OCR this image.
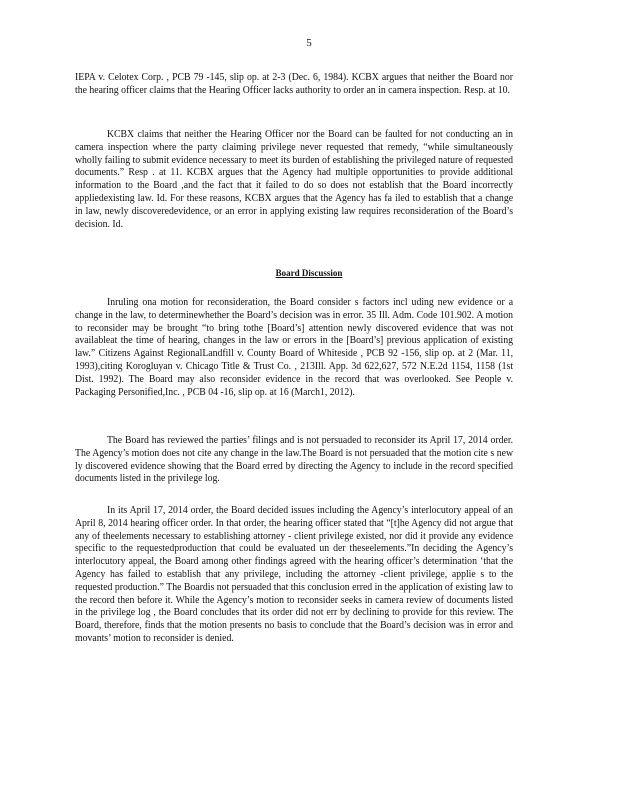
5
IEPA v. Celotex Corp. , PCB 79 -145, slip op. at 2-3 (Dec. 6, 1984). KCBX argues that neither the Board nor the hearing officer claims that the Hearing Officer lacks authority to order an in camera inspection. Resp. at 10.
KCBX claims that neither the Hearing Officer nor the Board can be faulted for not conducting an in camera inspection where the party claiming privilege never requested that remedy, “while simultaneously wholly failing to submit evidence necessary to meet its burden of establishing the privileged nature of requested documents.” Resp . at 11. KCBX argues that the Agency had multiple opportunities to provide additional information to the Board ,and the fact that it failed to do so does not establish that the Board incorrectly appliedexisting law. Id. For these reasons, KCBX argues that the Agency has fa iled to establish that a change in law, newly discoveredevidence, or an error in applying existing law requires reconsideration of the Board’s decision. Id.
Board Discussion
Inruling ona motion for reconsideration, the Board consider s factors incl uding new evidence or a change in the law, to determinewhether the Board’s decision was in error. 35 Ill. Adm. Code 101.902. A motion to reconsider may be brought “to bring tothe [Board’s] attention newly discovered evidence that was not availableat the time of hearing, changes in the law or errors in the [Board’s] previous application of existing law.” Citizens Against RegionalLandfill v. County Board of Whiteside , PCB 92 -156, slip op. at 2 (Mar. 11, 1993),citing Korogluyan v. Chicago Title & Trust Co. , 213Ill. App. 3d 622,627, 572 N.E.2d 1154, 1158 (1st Dist. 1992). The Board may also reconsider evidence in the record that was overlooked. See People v. Packaging Personified,Inc. , PCB 04 -16, slip op. at 16 (March1, 2012).
The Board has reviewed the parties’ filings and is not persuaded to reconsider its April 17, 2014 order. The Agency’s motion does not cite any change in the law.The Board is not persuaded that the motion cite s new ly discovered evidence showing that the Board erred by directing the Agency to include in the record specified documents listed in the privilege log.
In its April 17, 2014 order, the Board decided issues including the Agency’s interlocutory appeal of an April 8, 2014 hearing officer order. In that order, the hearing officer stated that “[t]he Agency did not argue that any of theelements necessary to establishing attorney - client privilege existed, nor did it provide any evidence specific to the requestedproduction that could be evaluated un der theseelements.”In deciding the Agency’s interlocutory appeal, the Board among other findings agreed with the hearing officer’s determination ‘that the Agency has failed to establish that any privilege, including the attorney -client privilege, applie s to the requested production.” The Boardis not persuaded that this conclusion erred in the application of existing law to the record then before it. While the Agency’s motion to reconsider seeks in camera review of documents listed in the privilege log , the Board concludes that its order did not err by declining to provide for this review. The Board, therefore, finds that the motion presents no basis to conclude that the Board’s decision was in error and movants’ motion to reconsider is denied.
